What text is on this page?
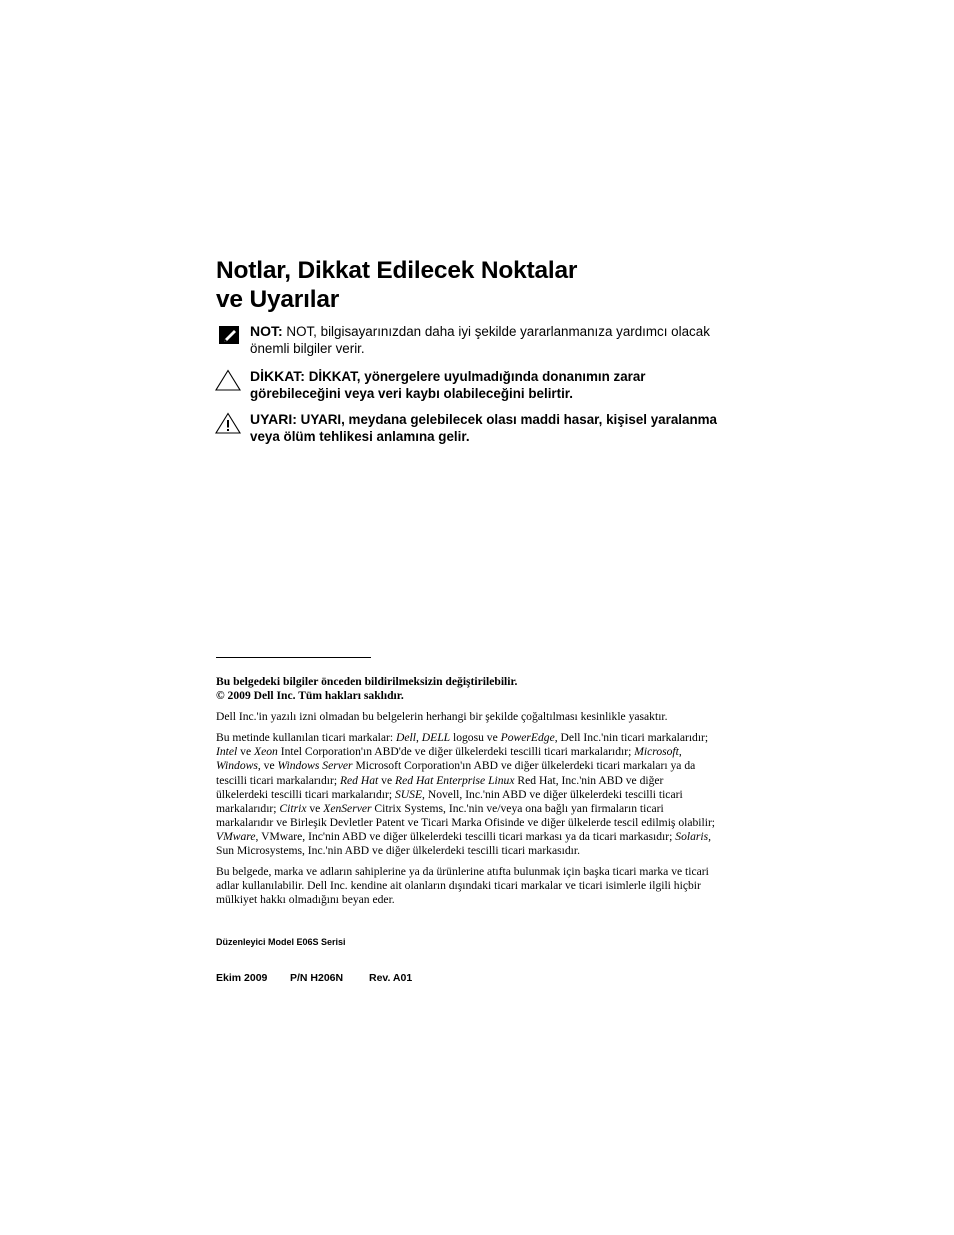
Notlar, Dikkat Edilecek Noktalar
ve Uyarılar
NOT: NOT, bilgisayarınızdan daha iyi şekilde yararlanmanıza yardımcı olacak önemli bilgiler verir.
DİKKAT: DİKKAT, yönergelere uyulmadığında donanımın zarar görebileceğini veya veri kaybı olabileceğini belirtir.
UYARI: UYARI, meydana gelebilecek olası maddi hasar, kişisel yaralanma veya ölüm tehlikesi anlamına gelir.

Bu belgedeki bilgiler önceden bildirilmeksizin değiştirilebilir.
© 2009 Dell Inc. Tüm hakları saklıdır.

Dell Inc.'in yazılı izni olmadan bu belgelerin herhangi bir şekilde çoğaltılması kesinlikle yasaktır.

Bu metinde kullanılan ticari markalar: Dell, DELL logosu ve PowerEdge, Dell Inc.'nin ticari markalarıdır; Intel ve Xeon Intel Corporation'ın ABD'de ve diğer ülkelerdeki tescilli ticari markalarıdır; Microsoft, Windows, ve Windows Server Microsoft Corporation'ın ABD ve diğer ülkelerdeki ticari markaları ya da tescilli ticari markalarıdır; Red Hat ve Red Hat Enterprise Linux Red Hat, Inc.'nin ABD ve diğer ülkelerdeki tescilli ticari markalarıdır; SUSE, Novell, Inc.'nin ABD ve diğer ülkelerdeki tescilli ticari markalarıdır; Citrix ve XenServer Citrix Systems, Inc.'nin ve/veya ona bağlı yan firmaların ticari markalarıdır ve Birleşik Devletler Patent ve Ticari Marka Ofisinde ve diğer ülkelerde tescil edilmiş olabilir; VMware, VMware, Inc'nin ABD ve diğer ülkelerdeki tescilli ticari markası ya da ticari markasıdır; Solaris, Sun Microsystems, Inc.'nin ABD ve diğer ülkelerdeki tescilli ticari markasıdır.

Bu belgede, marka ve adların sahiplerine ya da ürünlerine atıfta bulunmak için başka ticari marka ve ticari adlar kullanılabilir. Dell Inc. kendine ait olanların dışındaki ticari markalar ve ticari isimlerle ilgili hiçbir mülkiyet hakkı olmadığını beyan eder.

Düzenleyici Model E06S Serisi
Ekim 2009 P/N H206N Rev. A01
